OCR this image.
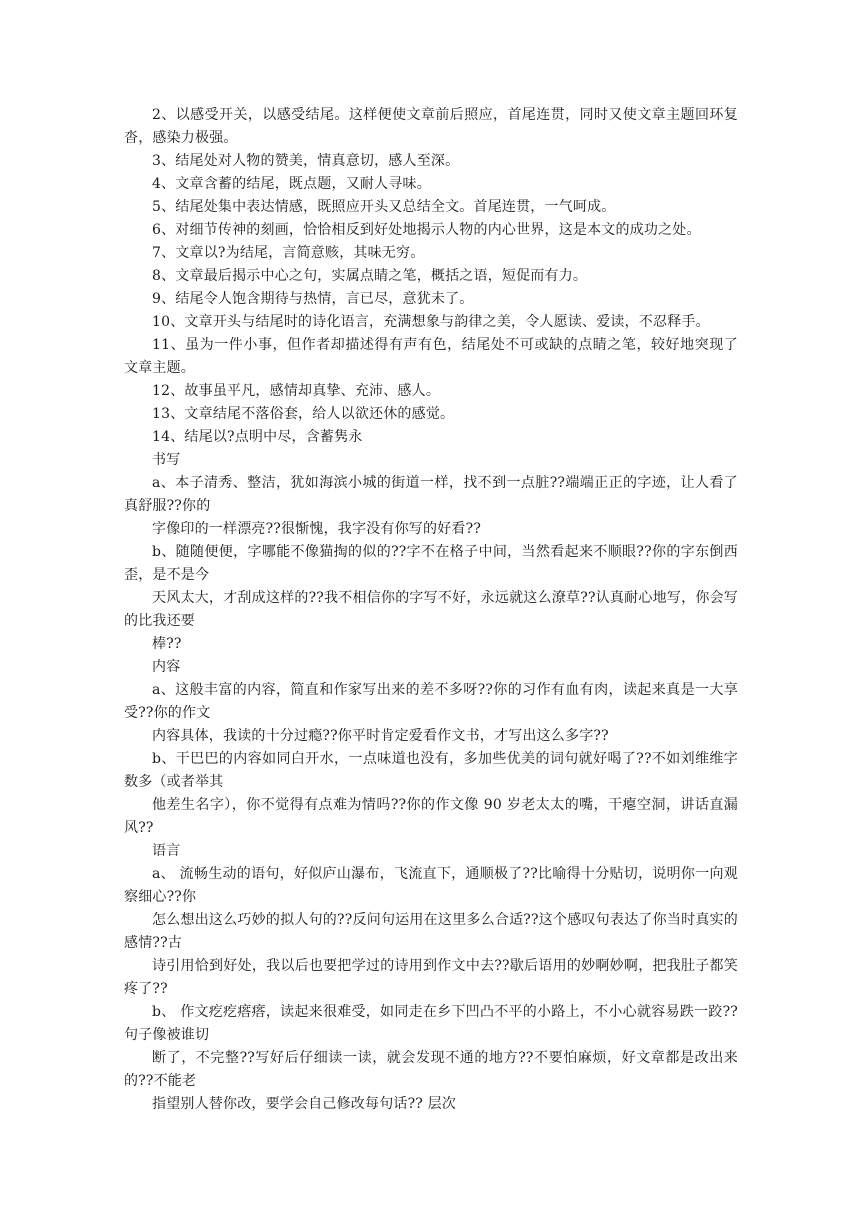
2、以感受开关，以感受结尾。这样便使文章前后照应，首尾连贯，同时又使文章主题回环复沓，感染力极强。

3、结尾处对人物的赞美，情真意切，感人至深。

4、文章含蓄的结尾，既点题，又耐人寻味。

5、结尾处集中表达情感，既照应开头又总结全文。首尾连贯，一气呵成。

6、对细节传神的刻画，恰恰相反到好处地揭示人物的内心世界，这是本文的成功之处。

7、文章以?为结尾，言简意赅，其味无穷。

8、文章最后揭示中心之句，实属点睛之笔，概括之语，短促而有力。

9、结尾令人饱含期待与热情，言已尽，意犹未了。

10、文章开头与结尾时的诗化语言，充满想象与韵律之美，令人愿读、爱读，不忍释手。

11、虽为一件小事，但作者却描述得有声有色，结尾处不可或缺的点睛之笔，较好地突现了文章主题。

12、故事虽平凡，感情却真挚、充沛、感人。

13、文章结尾不落俗套，给人以欲还休的感觉。

14、结尾以?点明中尽，含蓄隽永

书写

a、本子清秀、整洁，犹如海滨小城的街道一样，找不到一点脏??端端正正的字迹，让人看了真舒服??你的

字像印的一样漂亮??很惭愧，我字没有你写的好看??

b、随随便便，字哪能不像猫掏的似的??字不在格子中间，当然看起来不顺眼??你的字东倒西歪，是不是今

天风太大，才刮成这样的??我不相信你的字写不好，永远就这么潦草??认真耐心地写，你会写的比我还要

棒??

内容

a、这般丰富的内容，简直和作家写出来的差不多呀??你的习作有血有肉，读起来真是一大享受??你的作文

内容具体，我读的十分过瘾??你平时肯定爱看作文书，才写出这么多字??

b、干巴巴的内容如同白开水，一点味道也没有，多加些优美的词句就好喝了??不如刘维维字数多（或者举其

他差生名字），你不觉得有点难为情吗??你的作文像 90 岁老太太的嘴，干瘪空洞，讲话直漏风??

语言

a、 流畅生动的语句，好似庐山瀑布，飞流直下，通顺极了??比喻得十分贴切，说明你一向观察细心??你

怎么想出这么巧妙的拟人句的??反问句运用在这里多么合适??这个感叹句表达了你当时真实的感情??古

诗引用恰到好处，我以后也要把学过的诗用到作文中去??歇后语用的妙啊妙啊，把我肚子都笑疼了??

b、 作文疙疙瘩瘩，读起来很难受，如同走在乡下凹凸不平的小路上，不小心就容易跌一跤??句子像被谁切

断了，不完整??写好后仔细读一读，就会发现不通的地方??不要怕麻烦，好文章都是改出来的??不能老

指望别人替你改，要学会自己修改每句话?? 层次
